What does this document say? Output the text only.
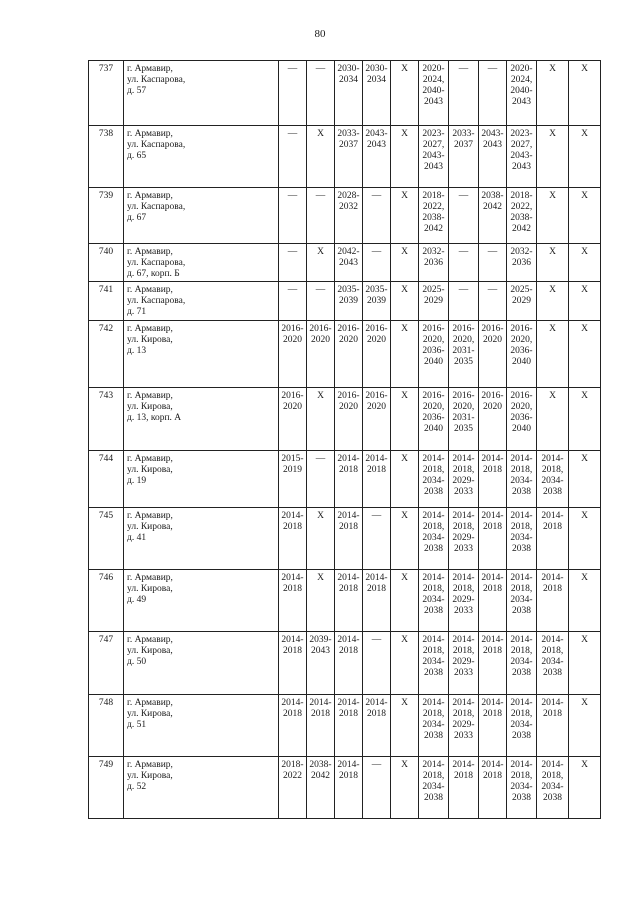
80
737	г. Армавир,
ул. Каспарова,
д. 57	—	—	2030-
2034	2030-
2034	X	2020-
2024,
2040-
2043	—	—	2020-
2024,
2040-
2043	X	X

738	г. Армавир,
ул. Каспарова,
д. 65	—	X	2033-
2037	2043-
2043	X	2023-
2027,
2043-
2043	2033-
2037	2043-
2043	2023-
2027,
2043-
2043	X	X

739	г. Армавир,
ул. Каспарова,
д. 67	—	—	2028-
2032	—	X	2018-
2022,
2038-
2042	—	2038-
2042	2018-
2022,
2038-
2042	X	X

740	г. Армавир,
ул. Каспарова,
д. 67, корп. Б	—	X	2042-
2043	—	X	2032-
2036	—	—	2032-
2036	X	X

741	г. Армавир,
ул. Каспарова,
д. 71	—	—	2035-
2039	2035-
2039	X	2025-
2029	—	—	2025-
2029	X	X

742	г. Армавир,
ул. Кирова,
д. 13	2016-
2020	2016-
2020	2016-
2020	2016-
2020	X	2016-
2020,
2036-
2040	2016-
2020,
2031-
2035	2016-
2020	2016-
2020,
2036-
2040	X	X

743	г. Армавир,
ул. Кирова,
д. 13, корп. А	2016-
2020	X	2016-
2020	2016-
2020	X	2016-
2020,
2036-
2040	2016-
2020,
2031-
2035	2016-
2020	2016-
2020,
2036-
2040	X	X

744	г. Армавир,
ул. Кирова,
д. 19	2015-
2019	—	2014-
2018	2014-
2018	X	2014-
2018,
2034-
2038	2014-
2018,
2029-
2033	2014-
2018	2014-
2018,
2034-
2038	2014-
2018,
2034-
2038	X

745	г. Армавир,
ул. Кирова,
д. 41	2014-
2018	X	2014-
2018	—	X	2014-
2018,
2034-
2038	2014-
2018,
2029-
2033	2014-
2018	2014-
2018,
2034-
2038	2014-
2018	X

746	г. Армавир,
ул. Кирова,
д. 49	2014-
2018	X	2014-
2018	2014-
2018	X	2014-
2018,
2034-
2038	2014-
2018,
2029-
2033	2014-
2018	2014-
2018,
2034-
2038	2014-
2018	X

747	г. Армавир,
ул. Кирова,
д. 50	2014-
2018	2039-
2043	2014-
2018	—	X	2014-
2018,
2034-
2038	2014-
2018,
2029-
2033	2014-
2018	2014-
2018,
2034-
2038	2014-
2018,
2034-
2038	X

748	г. Армавир,
ул. Кирова,
д. 51	2014-
2018	2014-
2018	2014-
2018	2014-
2018	X	2014-
2018,
2034-
2038	2014-
2018,
2029-
2033	2014-
2018	2014-
2018,
2034-
2038	2014-
2018	X

749	г. Армавир,
ул. Кирова,
д. 52	2018-
2022	2038-
2042	2014-
2018	—	X	2014-
2018,
2034-
2038	2014-
2018	2014-
2018	2014-
2018,
2034-
2038	2014-
2018,
2034-
2038	X
